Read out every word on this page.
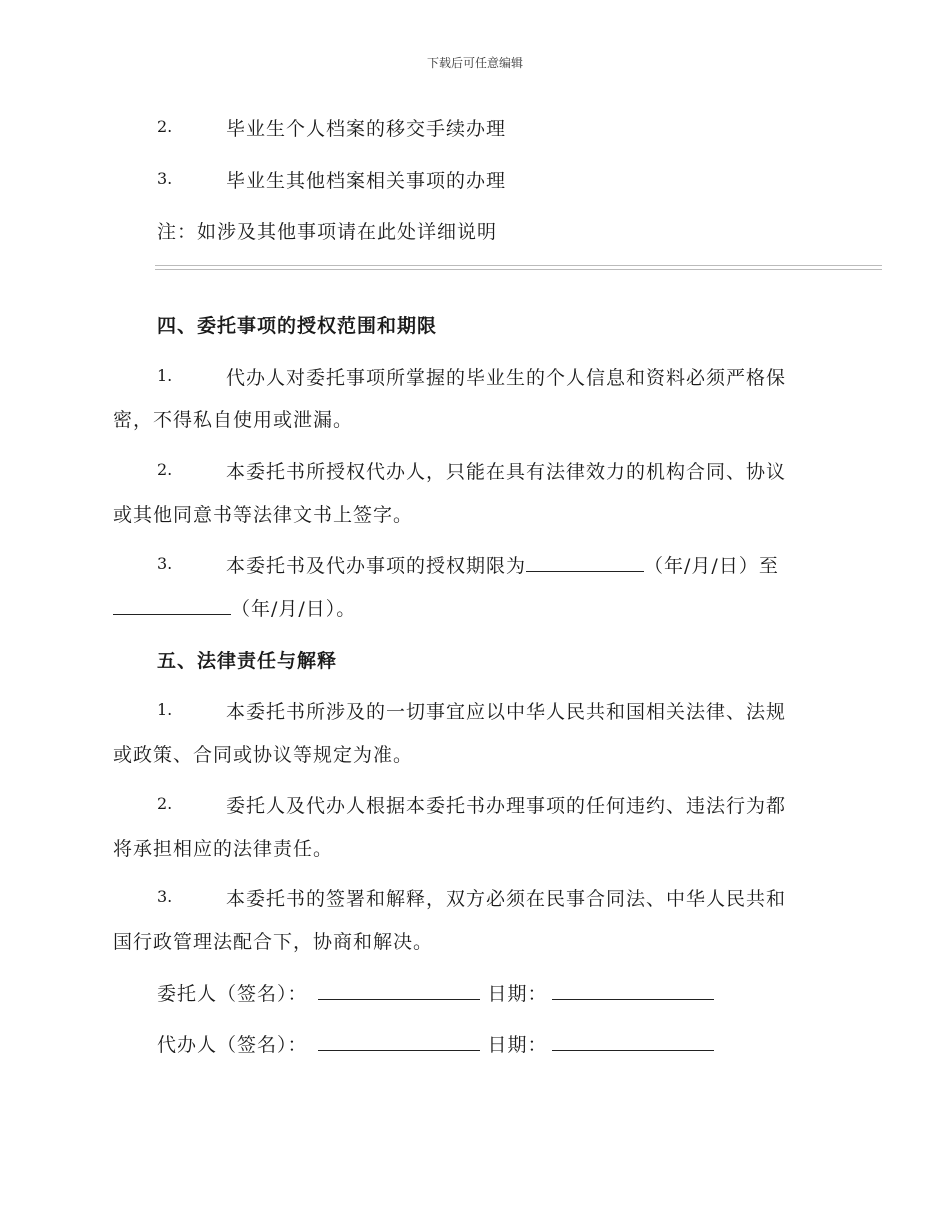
下载后可任意编辑
2.	毕业生个人档案的移交手续办理
3.	毕业生其他档案相关事项的办理
注：如涉及其他事项请在此处详细说明
四、委托事项的授权范围和期限
1.	代办人对委托事项所掌握的毕业生的个人信息和资料必须严格保
密，不得私自使用或泄漏。
2.	本委托书所授权代办人，只能在具有法律效力的机构合同、协议
或其他同意书等法律文书上签字。
3.	本委托书及代办事项的授权期限为	（年/月/日）至
（年/月/日）。
五、法律责任与解释
1.	本委托书所涉及的一切事宜应以中华人民共和国相关法律、法规
或政策、合同或协议等规定为准。
2.	委托人及代办人根据本委托书办理事项的任何违约、违法行为都
将承担相应的法律责任。
3.	本委托书的签署和解释，双方必须在民事合同法、中华人民共和
国行政管理法配合下，协商和解决。
委托人（签名）：	日期：
代办人（签名）：	日期：
